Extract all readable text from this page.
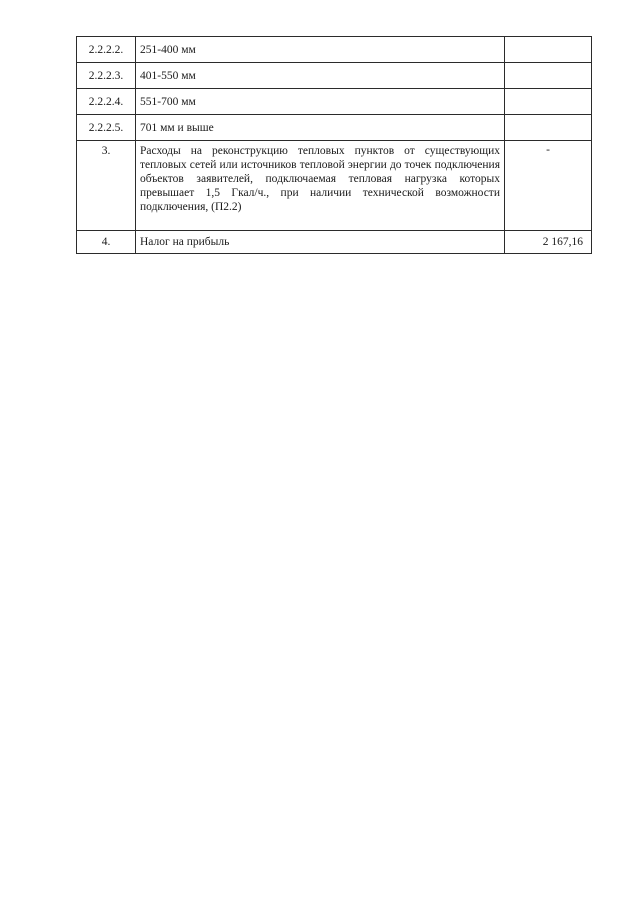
2.2.2.2.	251-400 мм	
2.2.2.3.	401-550 мм	
2.2.2.4.	551-700 мм	
2.2.2.5.	701 мм и выше	
3.	Расходы на реконструкцию тепловых пунктов от существующих тепловых сетей или источников тепловой энергии до точек подключения объектов заявителей, подключаемая тепловая нагрузка которых превышает 1,5 Гкал/ч., при наличии технической возможности подключения, (П2.2)	-
4.	Налог на прибыль	2 167,16
